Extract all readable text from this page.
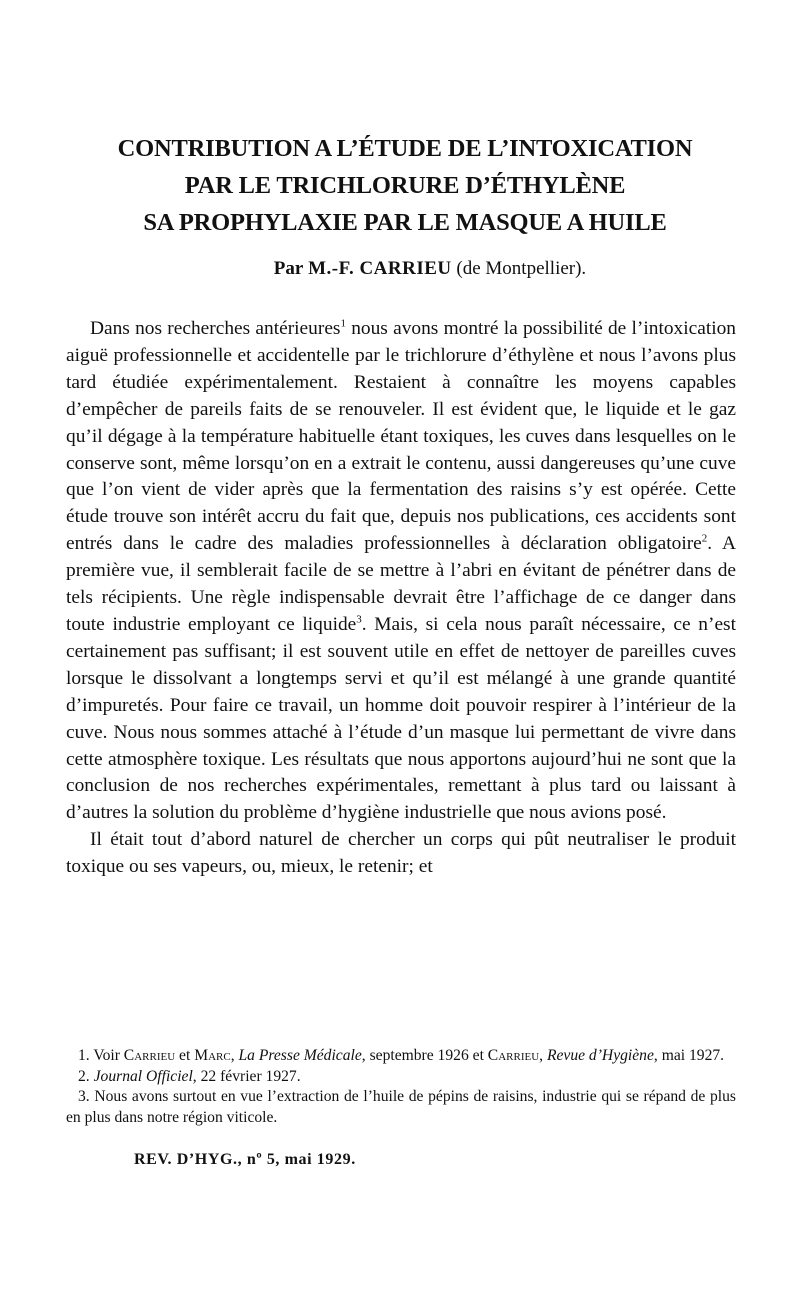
CONTRIBUTION A L’ÉTUDE DE L’INTOXICATION
PAR LE TRICHLORURE D’ÉTHYLÈNE
SA PROPHYLAXIE PAR LE MASQUE A HUILE

Par M.-F. CARRIEU (de Montpellier).

Dans nos recherches antérieures$^1$ nous avons montré la possibilité de l’intoxication aiguë professionnelle et accidentelle par le trichlorure d’éthylène et nous l’avons plus tard étudiée expérimentalement. Restaient à connaître les moyens capables d’empêcher de pareils faits de se renouveler. Il est évident que, le liquide et le gaz qu’il dégage à la température habituelle étant toxiques, les cuves dans lesquelles on le conserve sont, même lorsqu’on en a extrait le contenu, aussi dangereuses qu’une cuve que l’on vient de vider après que la fermentation des raisins s’y est opérée. Cette étude trouve son intérêt accru du fait que, depuis nos publications, ces accidents sont entrés dans le cadre des maladies professionnelles à déclaration obligatoire$^2$. A première vue, il semblerait facile de se mettre à l’abri en évitant de pénétrer dans de tels récipients. Une règle indispensable devrait être l’affichage de ce danger dans toute industrie employant ce liquide$^3$. Mais, si cela nous paraît nécessaire, ce n’est certainement pas suffisant; il est souvent utile en effet de nettoyer de pareilles cuves lorsque le dissolvant a longtemps servi et qu’il est mélangé à une grande quantité d’impuretés. Pour faire ce travail, un homme doit pouvoir respirer à l’intérieur de la cuve. Nous nous sommes attaché à l’étude d’un masque lui permettant de vivre dans cette atmosphère toxique. Les résultats que nous apportons aujourd’hui ne sont que la conclusion de nos recherches expérimentales, remettant à plus tard ou laissant à d’autres la solution du problème d’hygiène industrielle que nous avions posé.

Il était tout d’abord naturel de chercher un corps qui pût neutraliser le produit toxique ou ses vapeurs, ou, mieux, le retenir; et

1. Voir Carrieu et Marc, La Presse Médicale, septembre 1926 et Carrieu, Revue d’Hygiène, mai 1927.

2. Journal Officiel, 22 février 1927.

3. Nous avons surtout en vue l’extraction de l’huile de pépins de raisins, industrie qui se répand de plus en plus dans notre région viticole.

REV. D’HYG., nº 5, mai 1929.
